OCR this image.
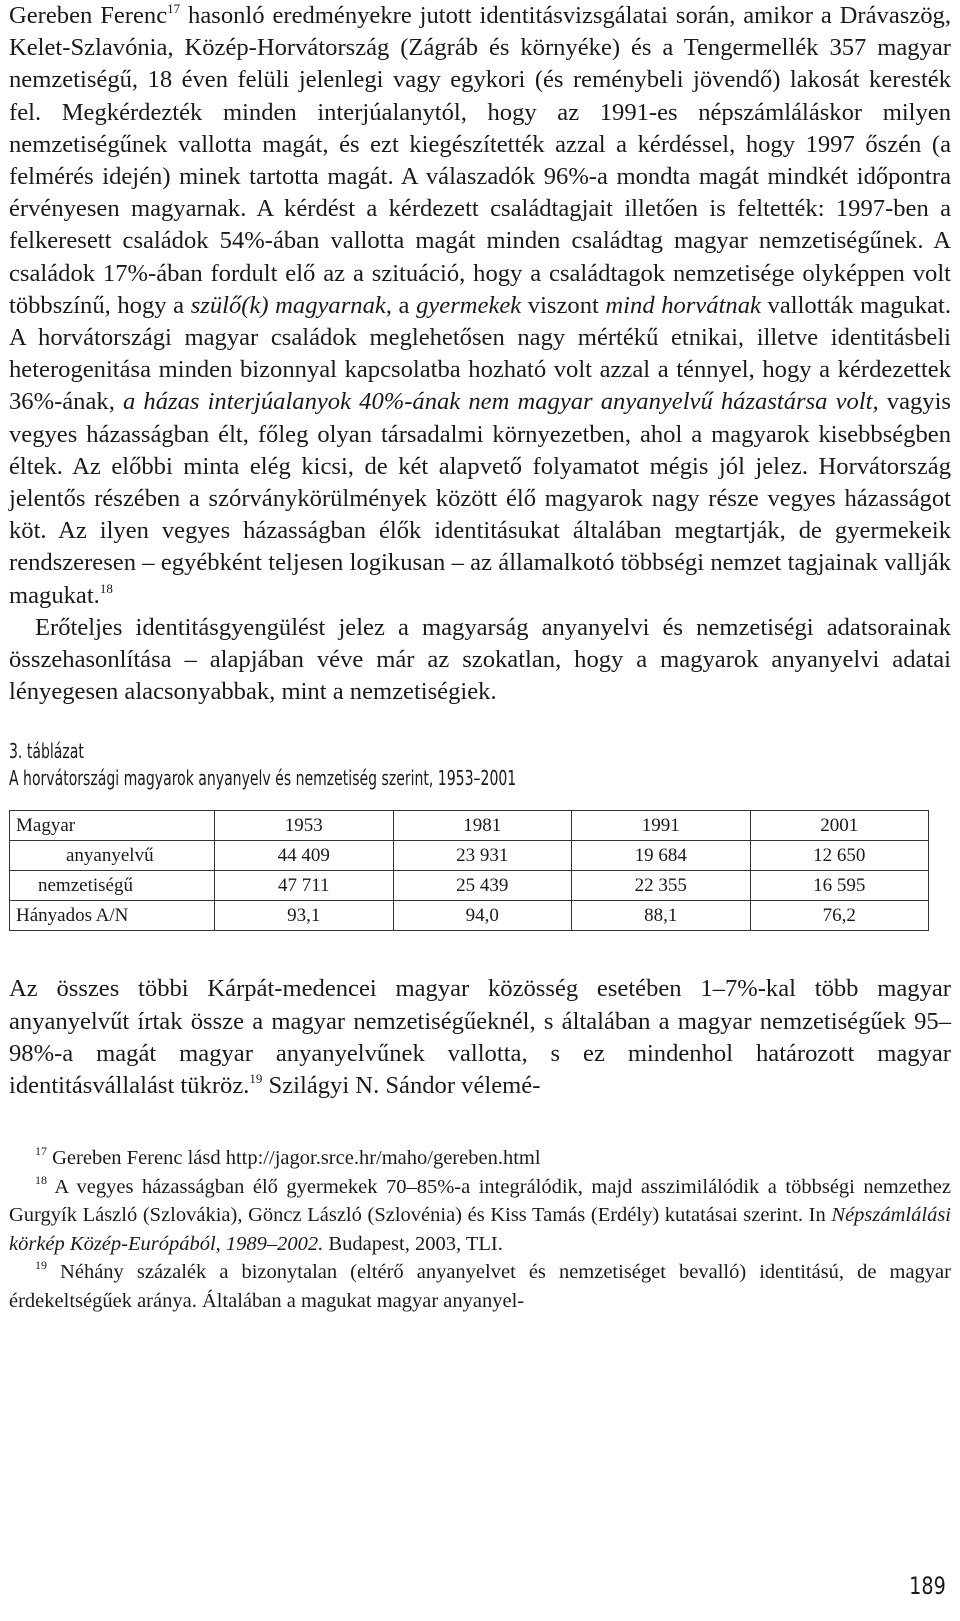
Gereben Ferenc$^{17}$ hasonló eredményekre jutott identitásvizsgálatai során, amikor a Drávaszög, Kelet-Szlavónia, Közép-Horvátország (Zágráb és környéke) és a Tengermellék 357 magyar nemzetiségű, 18 éven felüli jelenlegi vagy egykori (és reménybeli jövendő) lakosát keresték fel. Megkérdezték minden interjúalanytól, hogy az 1991-es népszámláláskor milyen nemzetiségűnek vallotta magát, és ezt kiegészítették azzal a kérdéssel, hogy 1997 őszén (a felmérés idején) minek tartotta magát. A válaszadók 96%-a mondta magát mindkét időpontra érvényesen magyarnak. A kérdést a kérdezett családtagjait illetően is feltették: 1997-ben a felkeresett családok 54%-ában vallotta magát minden családtag magyar nemzetiségűnek. A családok 17%-ában fordult elő az a szituáció, hogy a családtagok nemzetisége olyképpen volt többszínű, hogy a szülő(k) magyarnak, a gyermekek viszont mind horvátnak vallották magukat. A horvátországi magyar családok meglehetősen nagy mértékű etnikai, illetve identitásbeli heterogenitása minden bizonnyal kapcsolatba hozható volt azzal a ténnyel, hogy a kérdezettek 36%-ának, a házas interjúalanyok 40%-ának nem magyar anyanyelvű házastársa volt, vagyis vegyes házasságban élt, főleg olyan társadalmi környezetben, ahol a magyarok kisebbségben éltek. Az előbbi minta elég kicsi, de két alapvető folyamatot mégis jól jelez. Horvátország jelentős részében a szórványkörülmények között élő magyarok nagy része vegyes házasságot köt. Az ilyen vegyes házasságban élők identitásukat általában megtartják, de gyermekeik rendszeresen – egyébként teljesen logikusan – az államalkotó többségi nemzet tagjainak vallják magukat.$^{18}$

Erőteljes identitásgyengülést jelez a magyarság anyanyelvi és nemzetiségi adatsorainak összehasonlítása – alapjában véve már az szokatlan, hogy a magyarok anyanyelvi adatai lényegesen alacsonyabbak, mint a nemzetiségiek.

3. táblázat
A horvátországi magyarok anyanyelv és nemzetiség szerint, 1953–2001
Magyar	1953	1981	1991	2001
anyanyelvű	44 409	23 931	19 684	12 650
nemzetiségű	47 711	25 439	22 355	16 595
Hányados A/N	93,1	94,0	88,1	76,2

Az összes többi Kárpát-medencei magyar közösség esetében 1–7%-kal több magyar anyanyelvűt írtak össze a magyar nemzetiségűeknél, s általában a magyar nemzetiségűek 95–98%-a magát magyar anyanyelvűnek vallotta, s ez mindenhol határozott magyar identitásvállalást tükröz.$^{19}$ Szilágyi N. Sándor vélemé-

$^{17}$ Gereben Ferenc lásd http://jagor.srce.hr/maho/gereben.html

$^{18}$ A vegyes házasságban élő gyermekek 70–85%-a integrálódik, majd asszimilálódik a többségi nemzethez Gurgyík László (Szlovákia), Göncz László (Szlovénia) és Kiss Tamás (Erdély) kutatásai szerint. In Népszámlálási körkép Közép-Európából, 1989–2002. Budapest, 2003, TLI.

$^{19}$ Néhány százalék a bizonytalan (eltérő anyanyelvet és nemzetiséget bevalló) identitású, de magyar érdekeltségűek aránya. Általában a magukat magyar anyanyel-

189
